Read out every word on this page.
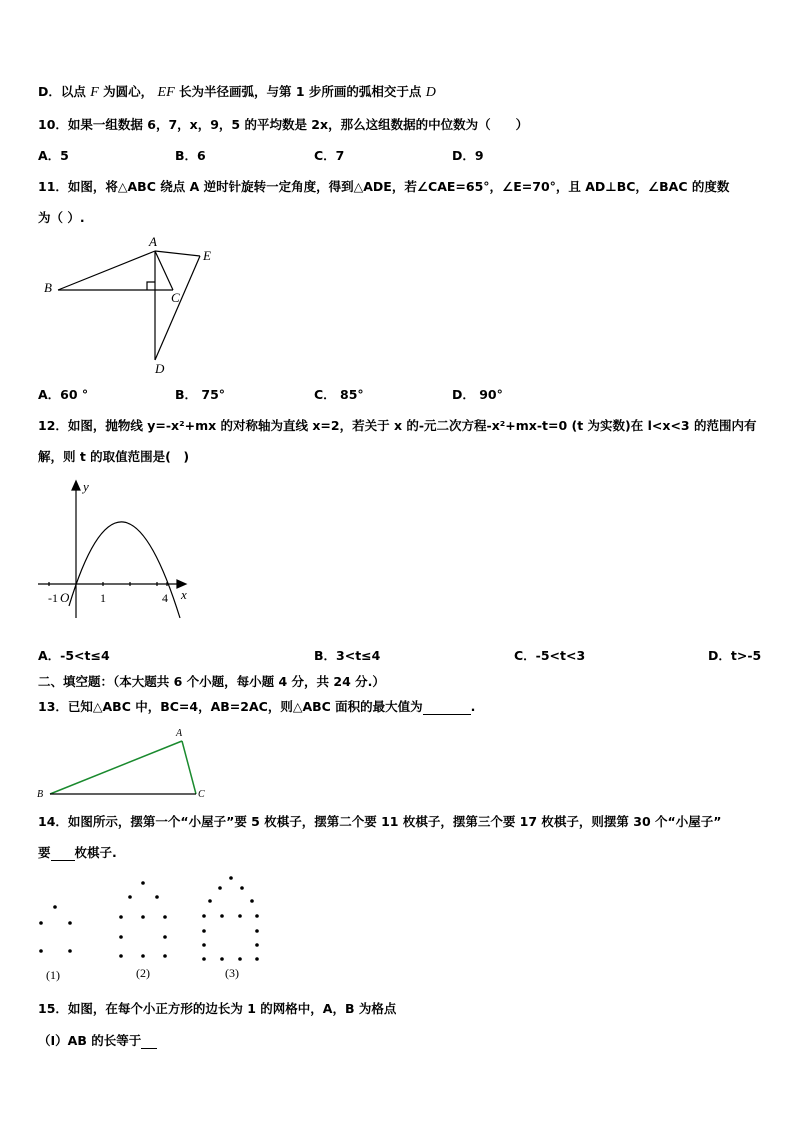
D．以点 F 为圆心， EF 长为半径画弧，与第 1 步所画的弧相交于点 D
10．如果一组数据 6，7，x，9，5 的平均数是 2x，那么这组数据的中位数为（　　）
A．5	B．6	C．7	D．9
11．如图，将△ABC 绕点 A 逆时针旋转一定角度，得到△ADE，若∠CAE=65°，∠E=70°，且 AD⊥BC，∠BAC 的度数
为（ ）.
A
B
C
D
E
A．60 °	B． 75°	C． 85°	D． 90°
12．如图，抛物线 y=-x²+mx 的对称轴为直线 x=2，若关于 x 的-元二次方程-x²+mx-t=0 (t 为实数)在 l<x<3 的范围内有
解，则 t 的取值范围是(　)
y
x
-1 O	1	4
A．-5<t≤4	B．3<t≤4	C．-5<t<3	D．t>-5
二、填空题：（本大题共 6 个小题，每小题 4 分，共 24 分.）
13．已知△ABC 中，BC=4，AB=2AC，则△ABC 面积的最大值为	.
A
B	C
14．如图所示，摆第一个“小屋子”要 5 枚棋子，摆第二个要 11 枚棋子，摆第三个要 17 枚棋子，则摆第 30 个“小屋子”
要 枚棋子.
(1)	(2)	(3)
15．如图，在每个小正方形的边长为 1 的网格中，A，B 为格点
（Ⅰ）AB 的长等于
